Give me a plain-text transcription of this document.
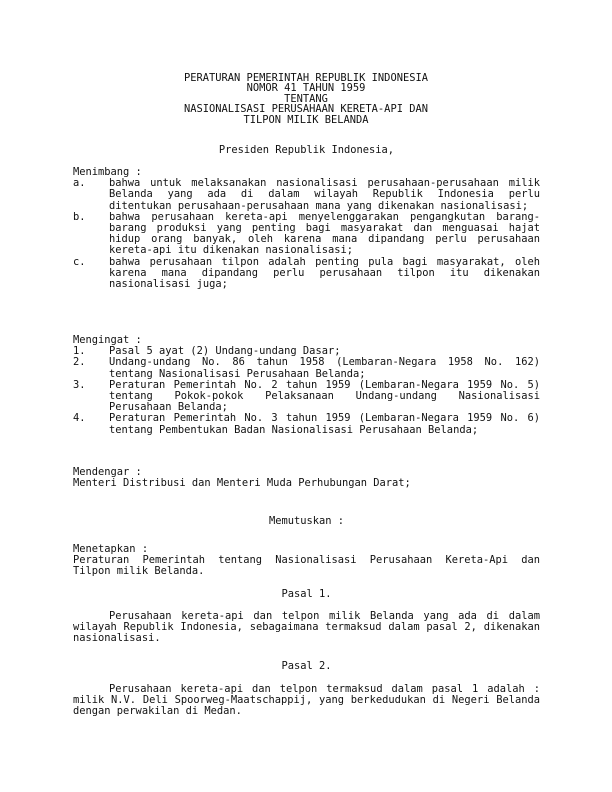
PERATURAN PEMERINTAH REPUBLIK INDONESIA
NOMOR 41 TAHUN 1959
TENTANG
NASIONALISASI PERUSAHAAN KERETA-API DAN
TILPON MILIK BELANDA
Presiden Republik Indonesia,
Menimbang :
a.	bahwa untuk melaksanakan nasionalisasi perusahaan-perusahaan milik Belanda yang ada di dalam wilayah Republik Indonesia perlu ditentukan perusahaan-perusahaan mana yang dikenakan nasionalisasi;
b.	bahwa perusahaan kereta-api menyelenggarakan pengangkutan barang-barang produksi yang penting bagi masyarakat dan menguasai hajat hidup orang banyak, oleh karena mana dipandang perlu perusahaan kereta-api itu dikenakan nasionalisasi;
c.	bahwa perusahaan tilpon adalah penting pula bagi masyarakat, oleh karena mana dipandang perlu perusahaan tilpon itu dikenakan nasionalisasi juga;
Mengingat :
1.	Pasal 5 ayat (2) Undang-undang Dasar;
2.	Undang-undang No. 86 tahun 1958 (Lembaran-Negara 1958 No. 162) tentang Nasionalisasi Perusahaan Belanda;
3.	Peraturan Pemerintah No. 2 tahun 1959 (Lembaran-Negara 1959 No. 5) tentang Pokok-pokok Pelaksanaan Undang-undang Nasionalisasi Perusahaan Belanda;
4.	Peraturan Pemerintah No. 3 tahun 1959 (Lembaran-Negara 1959 No. 6) tentang Pembentukan Badan Nasionalisasi Perusahaan Belanda;
Mendengar :
Menteri Distribusi dan Menteri Muda Perhubungan Darat;
Memutuskan :
Menetapkan :
Peraturan Pemerintah tentang Nasionalisasi Perusahaan Kereta-Api dan Tilpon milik Belanda.
Pasal 1.
Perusahaan kereta-api dan telpon milik Belanda yang ada di dalam wilayah Republik Indonesia, sebagaimana termaksud dalam pasal 2, dikenakan nasionalisasi.
Pasal 2.
Perusahaan kereta-api dan telpon termaksud dalam pasal 1 adalah : milik N.V. Deli Spoorweg-Maatschappij, yang berkedudukan di Negeri Belanda dengan perwakilan di Medan.
